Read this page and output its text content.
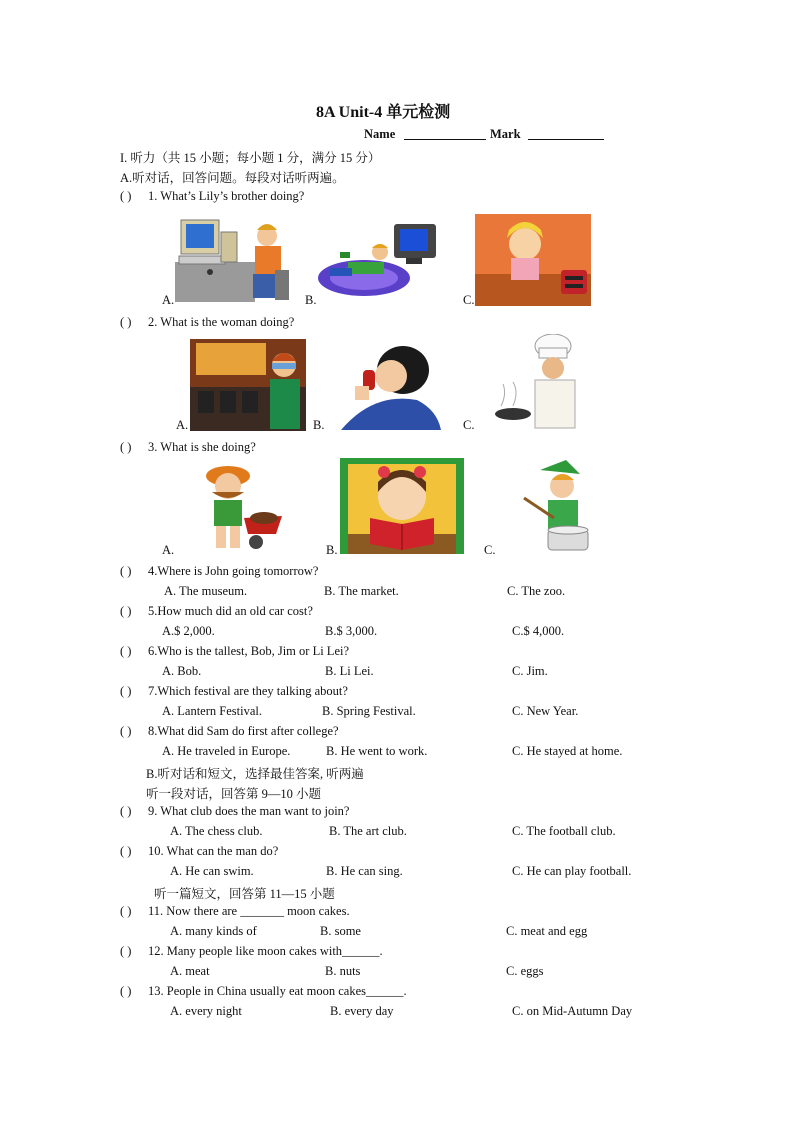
8A Unit-4 单元检测
Name	Mark
I. 听力（共 15 小题；每小题 1 分，满分 15 分）
A.听对话，回答问题。每段对话听两遍。
( ) 1. What’s Lily’s brother doing?
A.	B.	C.
( ) 2. What is the woman doing?
A.	B.	C.
( ) 3. What is she doing?
A.	B.	C.
( ) 4.Where is John going tomorrow?
A. The museum.	B. The market.	C. The zoo.
( ) 5.How much did an old car cost?
A.$ 2,000.	B.$ 3,000.	C.$ 4,000.
( ) 6.Who is the tallest, Bob, Jim or Li Lei?
A. Bob.	B. Li Lei.	C. Jim.
( ) 7.Which festival are they talking about?
A. Lantern Festival.	B. Spring Festival.	C. New Year.
( ) 8.What did Sam do first after college?
A. He traveled in Europe.	B. He went to work.	C. He stayed at home.
B.听对话和短文，选择最佳答案, 听两遍
听一段对话，回答第 9—10 小题
( ) 9. What club does the man want to join?
A. The chess club.	B. The art club.	C. The football club.
( ) 10. What can the man do?
A. He can swim.	B. He can sing.	C. He can play football.
听一篇短文，回答第 11—15 小题
( ) 11. Now there are _______ moon cakes.
A. many kinds of	B. some	C. meat and egg
( ) 12. Many people like moon cakes with______.
A. meat	B. nuts	C. eggs
( ) 13. People in China usually eat moon cakes______.
A. every night	B. every day	C. on Mid-Autumn Day
